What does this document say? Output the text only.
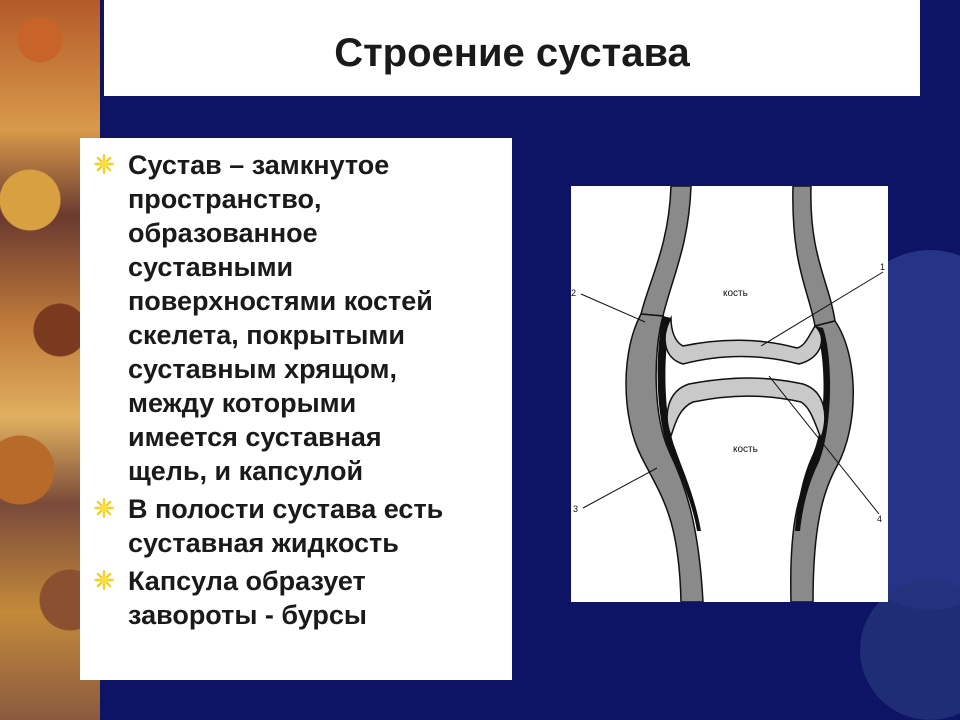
Строение сустава
Сустав – замкнутое
пространство,
образованное
суставными
поверхностями костей
скелета, покрытыми
суставным хрящом,
между которыми
имеется суставная
щель, и капсулой
В полости сустава есть
суставная жидкость
Капсула образует
завороты - бурсы
кость
кость
1
2
3
4
